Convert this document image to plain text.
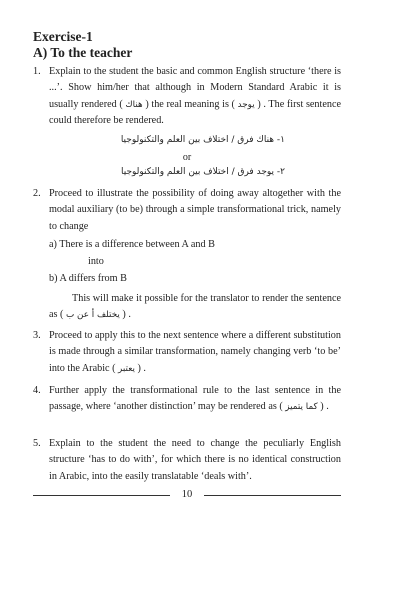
Exercise-1
A) To the teacher
1. Explain to the student the basic and common English structure ‘there is ...’. Show him/her that although in Modern Standard Arabic it is usually rendered ( هناك ) the real meaning is ( يوجد ) . The first sentence could therefore be rendered.
١- هناك فرق / اختلاف بين العلم والتكنولوجيا
or
٢- يوجد فرق / اختلاف بين العلم والتكنولوجيا
2. Proceed to illustrate the possibility of doing away altogether with the modal auxiliary (to be) through a simple transformational trick, namely to change
a) There is a difference between A and B
into
b) A differs from B
This will make it possible for the translator to render the sentence as ( يختلف أ عن ب ) .
3. Proceed to apply this to the next sentence where a different substitution is made through a similar transformation, namely changing verb ‘to be’ into the Arabic ( يعتبر ) .
4. Further apply the transformational rule to the last sentence in the passage, where ‘another distinction’ may be rendered as ( كما يتميز ) .
5. Explain to the student the need to change the peculiarly English structure ‘has to do with’, for which there is no identical construction in Arabic, into the easily translatable ‘deals with’.
10
